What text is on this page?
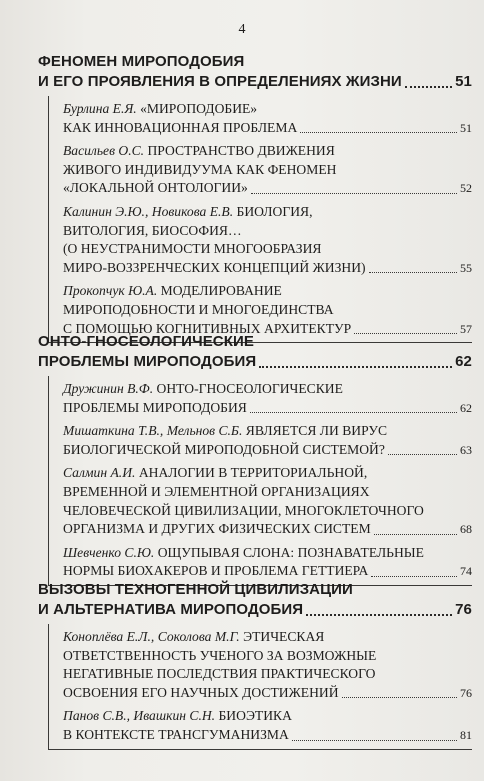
4
ФЕНОМЕН МИРОПОДОБИЯ
И ЕГО ПРОЯВЛЕНИЯ В ОПРЕДЕЛЕНИЯХ ЖИЗНИ	51
Бурлина Е.Я. «МИРОПОДОБИЕ»
КАК ИННОВАЦИОННАЯ ПРОБЛЕМА	51
Васильев О.С. ПРОСТРАНСТВО ДВИЖЕНИЯ
ЖИВОГО ИНДИВИДУУМА КАК ФЕНОМЕН
«ЛОКАЛЬНОЙ ОНТОЛОГИИ»	52
Калинин Э.Ю., Новикова Е.В. БИОЛОГИЯ,
ВИТОЛОГИЯ, БИОСОФИЯ…
(О НЕУСТРАНИМОСТИ МНОГООБРАЗИЯ
МИРО-ВОЗЗРЕНЧЕСКИХ КОНЦЕПЦИЙ ЖИЗНИ)	55
Прокопчук Ю.А. МОДЕЛИРОВАНИЕ
МИРОПОДОБНОСТИ И МНОГОЕДИНСТВА
С ПОМОЩЬЮ КОГНИТИВНЫХ АРХИТЕКТУР	57
ОНТО-ГНОСЕОЛОГИЧЕСКИЕ
ПРОБЛЕМЫ МИРОПОДОБИЯ	62
Дружинин В.Ф. ОНТО-ГНОСЕОЛОГИЧЕСКИЕ
ПРОБЛЕМЫ МИРОПОДОБИЯ	62
Мишаткина Т.В., Мельнов С.Б. ЯВЛЯЕТСЯ ЛИ ВИРУС
БИОЛОГИЧЕСКОЙ МИРОПОДОБНОЙ СИСТЕМОЙ?	63
Салмин А.И. АНАЛОГИИ В ТЕРРИТОРИАЛЬНОЙ,
ВРЕМЕННОЙ И ЭЛЕМЕНТНОЙ ОРГАНИЗАЦИЯХ
ЧЕЛОВЕЧЕСКОЙ ЦИВИЛИЗАЦИИ, МНОГОКЛЕТОЧНОГО
ОРГАНИЗМА И ДРУГИХ ФИЗИЧЕСКИХ СИСТЕМ	68
Шевченко С.Ю. ОЩУПЫВАЯ СЛОНА: ПОЗНАВАТЕЛЬНЫЕ
НОРМЫ БИОХАКЕРОВ И ПРОБЛЕМА ГЕТТИЕРА	74
ВЫЗОВЫ ТЕХНОГЕННОЙ ЦИВИЛИЗАЦИИ
И АЛЬТЕРНАТИВА МИРОПОДОБИЯ	76
Коноплёва Е.Л., Соколова М.Г. ЭТИЧЕСКАЯ
ОТВЕТСТВЕННОСТЬ УЧЕНОГО ЗА ВОЗМОЖНЫЕ
НЕГАТИВНЫЕ ПОСЛЕДСТВИЯ ПРАКТИЧЕСКОГО
ОСВОЕНИЯ ЕГО НАУЧНЫХ ДОСТИЖЕНИЙ	76
Панов С.В., Ивашкин С.Н. БИОЭТИКА
В КОНТЕКСТЕ ТРАНСГУМАНИЗМА	81
